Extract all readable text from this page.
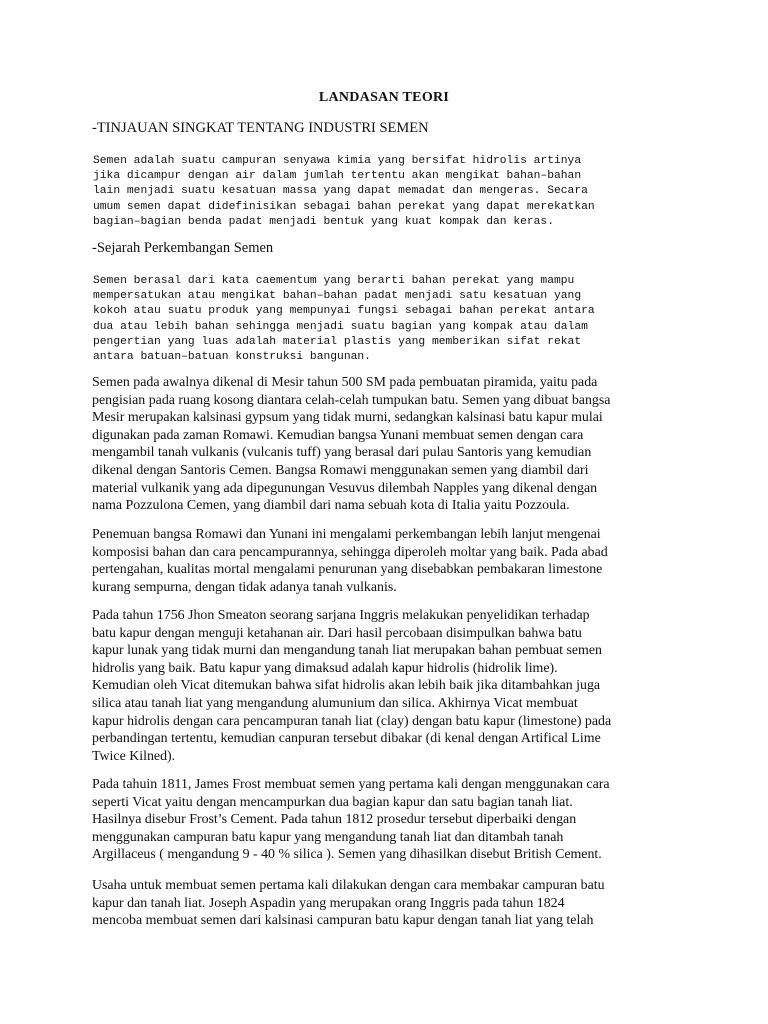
LANDASAN TEORI
-TINJAUAN SINGKAT TENTANG INDUSTRI SEMEN
Semen adalah suatu campuran senyawa kimia yang bersifat hidrolis artinya
jika dicampur dengan air dalam jumlah tertentu akan mengikat bahan–bahan
lain menjadi suatu kesatuan massa yang dapat memadat dan mengeras. Secara
umum semen dapat didefinisikan sebagai bahan perekat yang dapat merekatkan
bagian–bagian benda padat menjadi bentuk yang kuat kompak dan keras.
-Sejarah Perkembangan Semen
Semen berasal dari kata caementum yang berarti bahan perekat yang mampu
mempersatukan atau mengikat bahan–bahan padat menjadi satu kesatuan yang
kokoh atau suatu produk yang mempunyai fungsi sebagai bahan perekat antara
dua atau lebih bahan sehingga menjadi suatu bagian yang kompak atau dalam
pengertian yang luas adalah material plastis yang memberikan sifat rekat
antara batuan–batuan konstruksi bangunan.
Semen pada awalnya dikenal di Mesir tahun 500 SM pada pembuatan piramida, yaitu pada
pengisian pada ruang kosong diantara celah-celah tumpukan batu. Semen yang dibuat bangsa
Mesir merupakan kalsinasi gypsum yang tidak murni, sedangkan kalsinasi batu kapur mulai
digunakan pada zaman Romawi. Kemudian bangsa Yunani membuat semen dengan cara
mengambil tanah vulkanis (vulcanis tuff) yang berasal dari pulau Santoris yang kemudian
dikenal dengan Santoris Cemen. Bangsa Romawi menggunakan semen yang diambil dari
material vulkanik yang ada dipegunungan Vesuvus dilembah Napples yang dikenal dengan
nama Pozzulona Cemen, yang diambil dari nama sebuah kota di Italia yaitu Pozzoula.
Penemuan bangsa Romawi dan Yunani ini mengalami perkembangan lebih lanjut mengenai
komposisi bahan dan cara pencampurannya, sehingga diperoleh moltar yang baik. Pada abad
pertengahan, kualitas mortal mengalami penurunan yang disebabkan pembakaran limestone
kurang sempurna, dengan tidak adanya tanah vulkanis.
Pada tahun 1756 Jhon Smeaton seorang sarjana Inggris melakukan penyelidikan terhadap
batu kapur dengan menguji ketahanan air. Dari hasil percobaan disimpulkan bahwa batu
kapur lunak yang tidak murni dan mengandung tanah liat merupakan bahan pembuat semen
hidrolis yang baik. Batu kapur yang dimaksud adalah kapur hidrolis (hidrolik lime).
Kemudian oleh Vicat ditemukan bahwa sifat hidrolis akan lebih baik jika ditambahkan juga
silica atau tanah liat yang mengandung alumunium dan silica. Akhirnya Vicat membuat
kapur hidrolis dengan cara pencampuran tanah liat (clay) dengan batu kapur (limestone) pada
perbandingan tertentu, kemudian canpuran tersebut dibakar (di kenal dengan Artifical Lime
Twice Kilned).
Pada tahuin 1811, James Frost membuat semen yang pertama kali dengan menggunakan cara
seperti Vicat yaitu dengan mencampurkan dua bagian kapur dan satu bagian tanah liat.
Hasilnya disebur Frost’s Cement. Pada tahun 1812 prosedur tersebut diperbaiki dengan
menggunakan campuran batu kapur yang mengandung tanah liat dan ditambah tanah
Argillaceus ( mengandung 9 - 40 % silica ). Semen yang dihasilkan disebut British Cement.
Usaha untuk membuat semen pertama kali dilakukan dengan cara membakar campuran batu
kapur dan tanah liat. Joseph Aspadin yang merupakan orang Inggris pada tahun 1824
mencoba membuat semen dari kalsinasi campuran batu kapur dengan tanah liat yang telah
